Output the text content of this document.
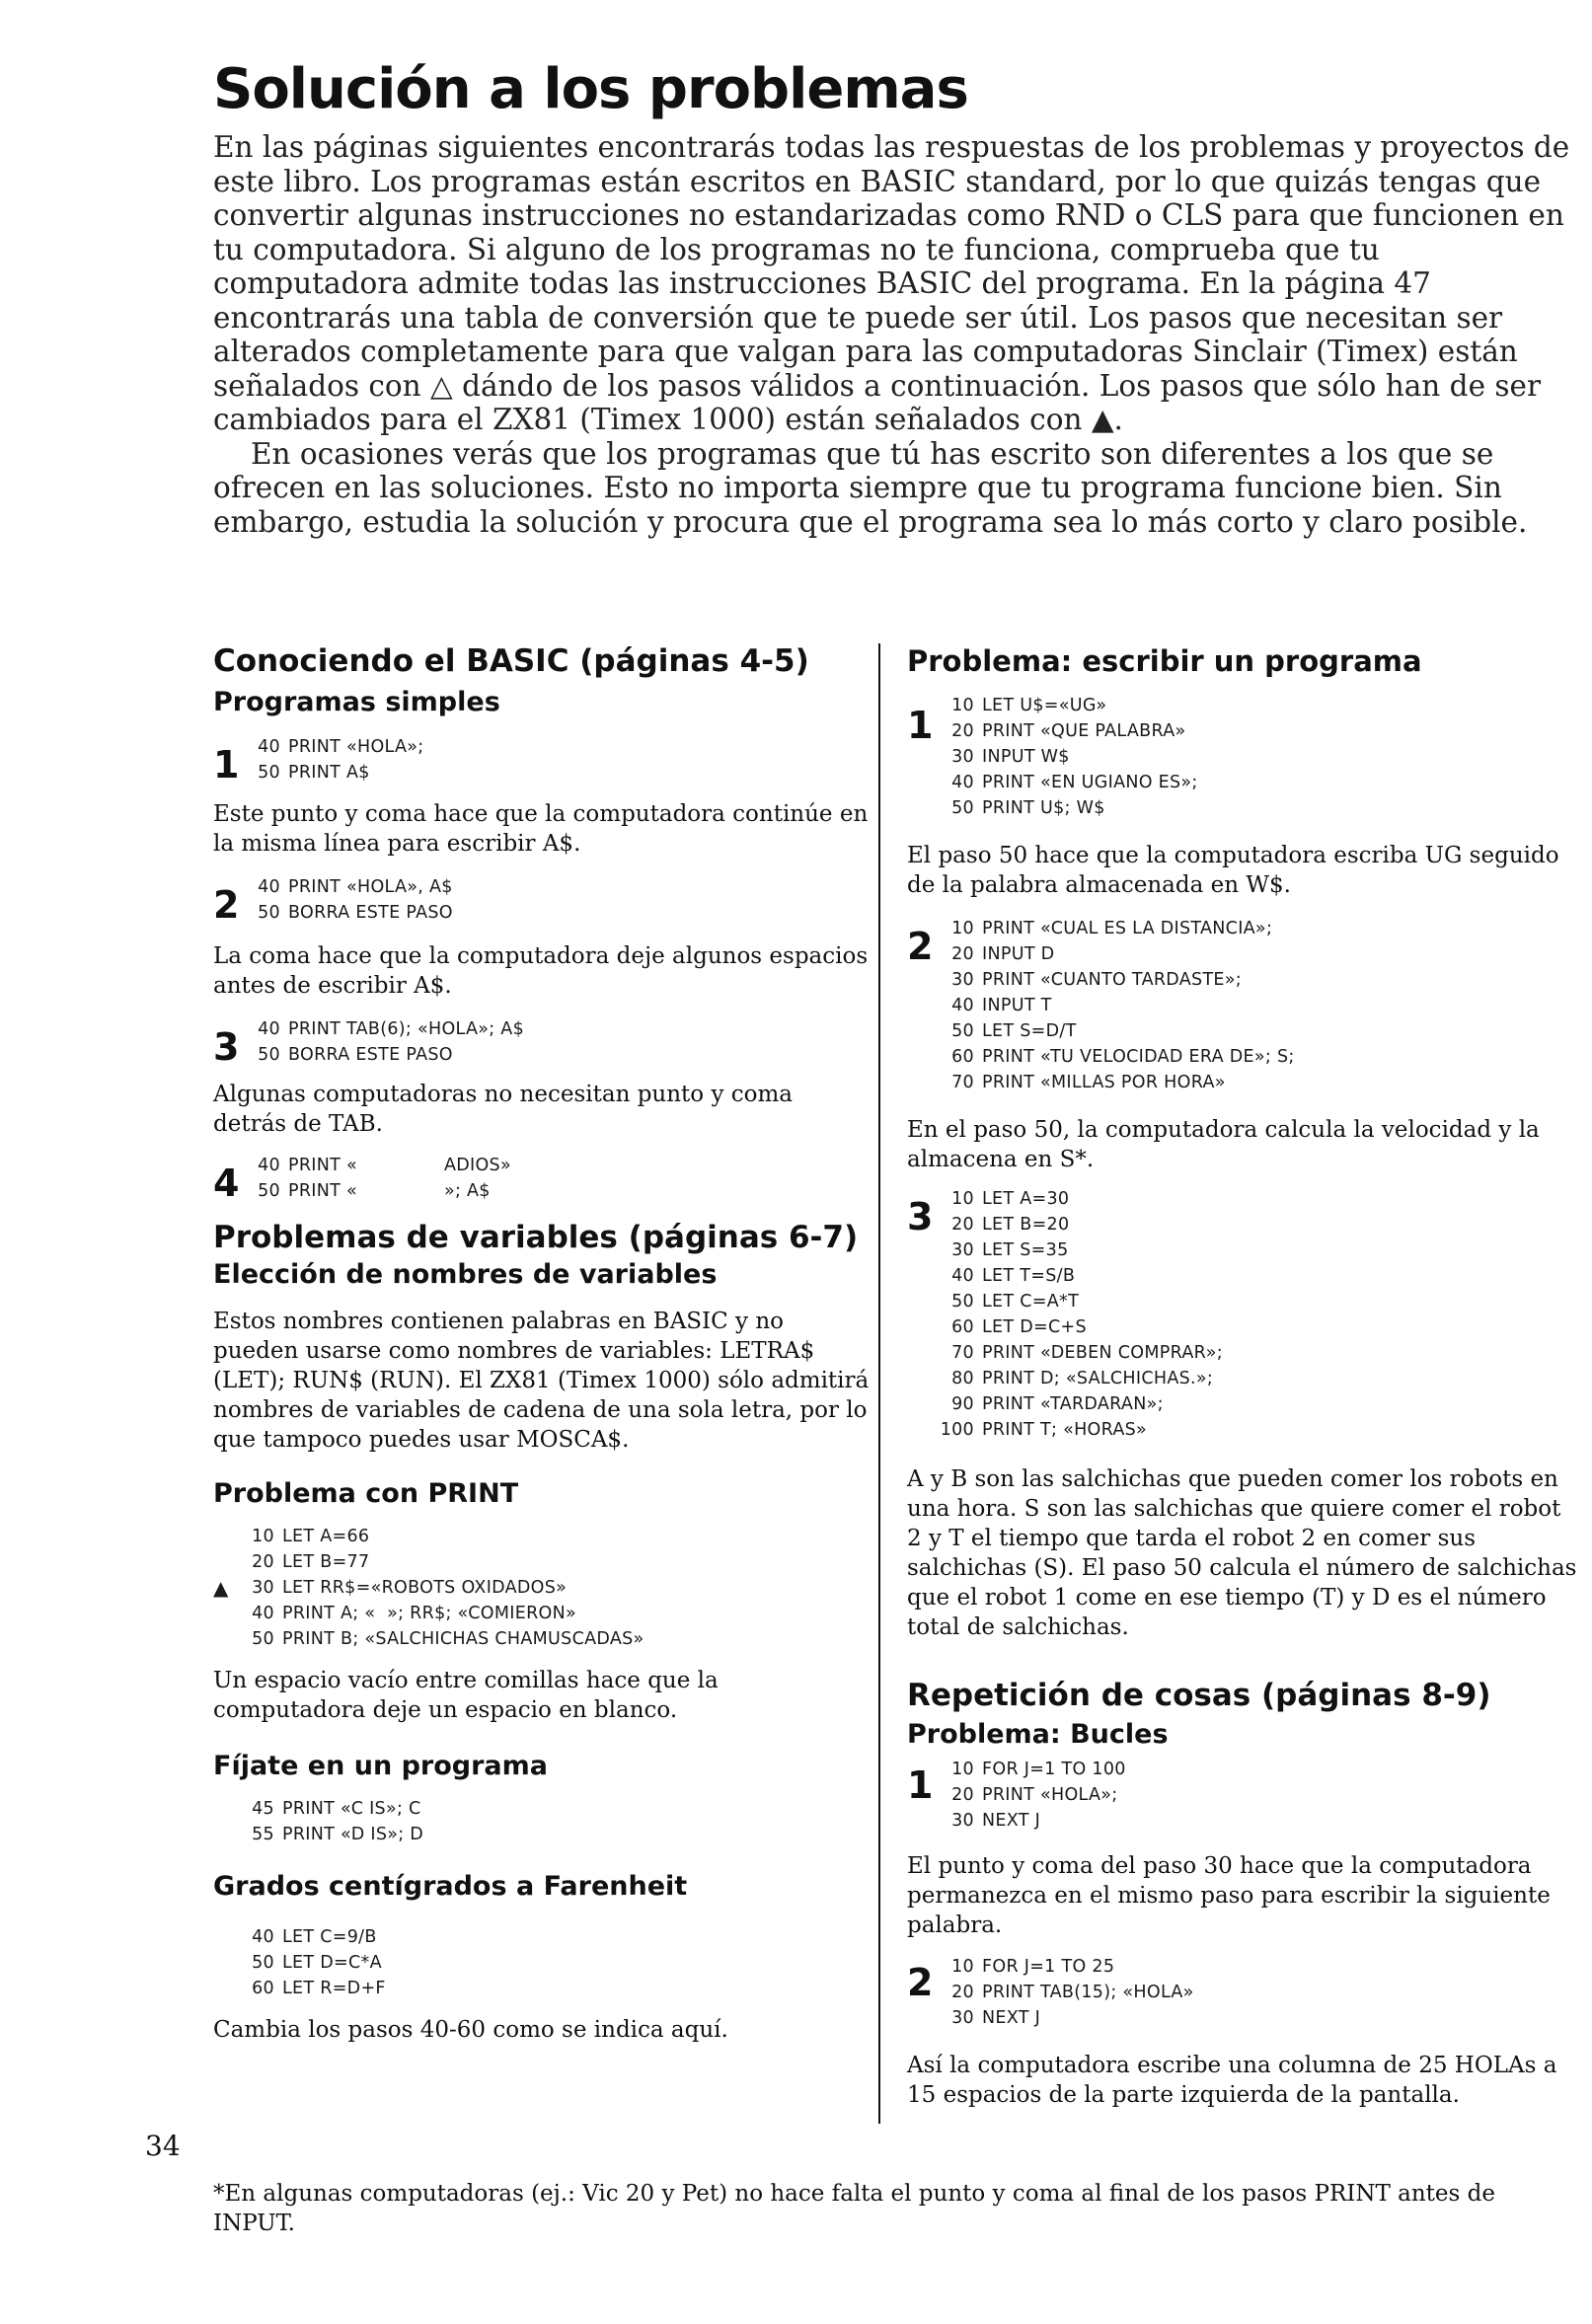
Solución a los problemas

En las páginas siguientes encontrarás todas las respuestas de los problemas y proyectos de este libro. Los programas están escritos en BASIC standard, por lo que quizás tengas que convertir algunas instrucciones no estandarizadas como RND o CLS para que funcionen en tu computadora. Si alguno de los programas no te funciona, comprueba que tu computadora admite todas las instrucciones BASIC del programa. En la página 47 encontrarás una tabla de conversión que te puede ser útil. Los pasos que necesitan ser alterados completamente para que valgan para las computadoras Sinclair (Timex) están señalados con △ dándo de los pasos válidos a continuación. Los pasos que sólo han de ser cambiados para el ZX81 (Timex 1000) están señalados con ▲.

En ocasiones verás que los programas que tú has escrito son diferentes a los que se ofrecen en las soluciones. Esto no importa siempre que tu programa funcione bien. Sin embargo, estudia la solución y procura que el programa sea lo más corto y claro posible.

Conociendo el BASIC (páginas 4-5)
Programas simples
1	40 PRINT «HOLA»;
50 PRINT A$

Este punto y coma hace que la computadora continúe en la misma línea para escribir A$.

2	40 PRINT «HOLA», A$
50 BORRA ESTE PASO

La coma hace que la computadora deje algunos espacios antes de escribir A$.

3	40 PRINT TAB(6); «HOLA»; A$
50 BORRA ESTE PASO

Algunas computadoras no necesitan punto y coma detrás de TAB.

4	40 PRINT «               ADIOS»
50 PRINT «               »; A$
Problemas de variables (páginas 6-7)
Elección de nombres de variables

Estos nombres contienen palabras en BASIC y no pueden usarse como nombres de variables: LETRA$ (LET); RUN$ (RUN). El ZX81 (Timex 1000) sólo admitirá nombres de variables de cadena de una sola letra, por lo que tampoco puedes usar MOSCA$.

Problema con PRINT
10 LET A=66
20 LET B=77
▲	30 LET RR$=«ROBOTS OXIDADOS»
40 PRINT A; «  »; RR$; «COMIERON»
50 PRINT B; «SALCHICHAS CHAMUSCADAS»

Un espacio vacío entre comillas hace que la computadora deje un espacio en blanco.

Fíjate en un programa
45 PRINT «C IS»; C
55 PRINT «D IS»; D
Grados centígrados a Farenheit
40 LET C=9/B
50 LET D=C*A
60 LET R=D+F

Cambia los pasos 40-60 como se indica aquí.

Problema: escribir un programa
1	10 LET U$=«UG»
20 PRINT «QUE PALABRA»
30 INPUT W$
40 PRINT «EN UGIANO ES»;
50 PRINT U$; W$

El paso 50 hace que la computadora escriba UG seguido de la palabra almacenada en W$.

2	10 PRINT «CUAL ES LA DISTANCIA»;
20 INPUT D
30 PRINT «CUANTO TARDASTE»;
40 INPUT T
50 LET S=D/T
60 PRINT «TU VELOCIDAD ERA DE»; S;
70 PRINT «MILLAS POR HORA»

En el paso 50, la computadora calcula la velocidad y la almacena en S*.

3	10 LET A=30
20 LET B=20
30 LET S=35
40 LET T=S/B
50 LET C=A*T
60 LET D=C+S
70 PRINT «DEBEN COMPRAR»;
80 PRINT D; «SALCHICHAS.»;
90 PRINT «TARDARAN»;
100 PRINT T; «HORAS»

A y B son las salchichas que pueden comer los robots en una hora. S son las salchichas que quiere comer el robot 2 y T el tiempo que tarda el robot 2 en comer sus salchichas (S). El paso 50 calcula el número de salchichas que el robot 1 come en ese tiempo (T) y D es el número total de salchichas.

Repetición de cosas (páginas 8-9)
Problema: Bucles
1	10 FOR J=1 TO 100
20 PRINT «HOLA»;
30 NEXT J

El punto y coma del paso 30 hace que la computadora permanezca en el mismo paso para escribir la siguiente palabra.

2	10 FOR J=1 TO 25
20 PRINT TAB(15); «HOLA»
30 NEXT J

Así la computadora escribe una columna de 25 HOLAs a 15 espacios de la parte izquierda de la pantalla.

34
*En algunas computadoras (ej.: Vic 20 y Pet) no hace falta el punto y coma al final de los pasos PRINT antes de INPUT.
